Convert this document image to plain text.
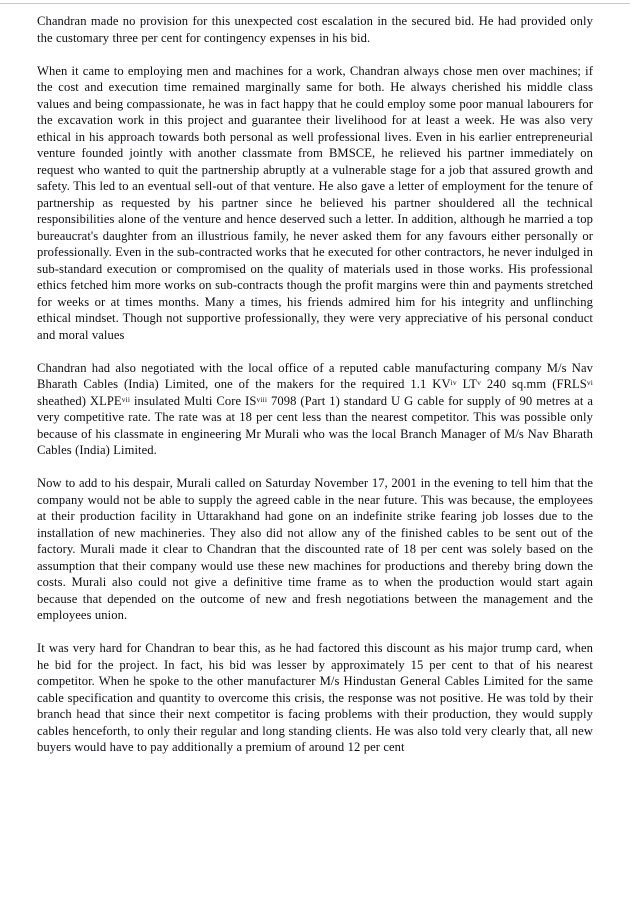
Chandran made no provision for this unexpected cost escalation in the secured bid. He had provided only the customary three per cent for contingency expenses in his bid.

When it came to employing men and machines for a work, Chandran always chose men over machines; if the cost and execution time remained marginally same for both. He always cherished his middle class values and being compassionate, he was in fact happy that he could employ some poor manual labourers for the excavation work in this project and guarantee their livelihood for at least a week. He was also very ethical in his approach towards both personal as well professional lives. Even in his earlier entrepreneurial venture founded jointly with another classmate from BMSCE, he relieved his partner immediately on request who wanted to quit the partnership abruptly at a vulnerable stage for a job that assured growth and safety. This led to an eventual sell-out of that venture. He also gave a letter of employment for the tenure of partnership as requested by his partner since he believed his partner shouldered all the technical responsibilities alone of the venture and hence deserved such a letter. In addition, although he married a top bureaucrat's daughter from an illustrious family, he never asked them for any favours either personally or professionally. Even in the sub-contracted works that he executed for other contractors, he never indulged in sub-standard execution or compromised on the quality of materials used in those works. His professional ethics fetched him more works on sub-contracts though the profit margins were thin and payments stretched for weeks or at times months. Many a times, his friends admired him for his integrity and unflinching ethical mindset. Though not supportive professionally, they were very appreciative of his personal conduct and moral values

Chandran had also negotiated with the local office of a reputed cable manufacturing company M/s Nav Bharath Cables (India) Limited, one of the makers for the required 1.1 KV$^{iv}$ LT$^v$ 240 sq.mm (FRLS$^{vi}$ sheathed) XLPE$^{vii}$ insulated Multi Core IS$^{viii}$ 7098 (Part 1) standard U G cable for supply of 90 metres at a very competitive rate. The rate was at 18 per cent less than the nearest competitor. This was possible only because of his classmate in engineering Mr Murali who was the local Branch Manager of M/s Nav Bharath Cables (India) Limited.

Now to add to his despair, Murali called on Saturday November 17, 2001 in the evening to tell him that the company would not be able to supply the agreed cable in the near future. This was because, the employees at their production facility in Uttarakhand had gone on an indefinite strike fearing job losses due to the installation of new machineries. They also did not allow any of the finished cables to be sent out of the factory. Murali made it clear to Chandran that the discounted rate of 18 per cent was solely based on the assumption that their company would use these new machines for productions and thereby bring down the costs. Murali also could not give a definitive time frame as to when the production would start again because that depended on the outcome of new and fresh negotiations between the management and the employees union.

It was very hard for Chandran to bear this, as he had factored this discount as his major trump card, when he bid for the project. In fact, his bid was lesser by approximately 15 per cent to that of his nearest competitor. When he spoke to the other manufacturer M/s Hindustan General Cables Limited for the same cable specification and quantity to overcome this crisis, the response was not positive. He was told by their branch head that since their next competitor is facing problems with their production, they would supply cables henceforth, to only their regular and long standing clients. He was also told very clearly that, all new buyers would have to pay additionally a premium of around 12 per cent
